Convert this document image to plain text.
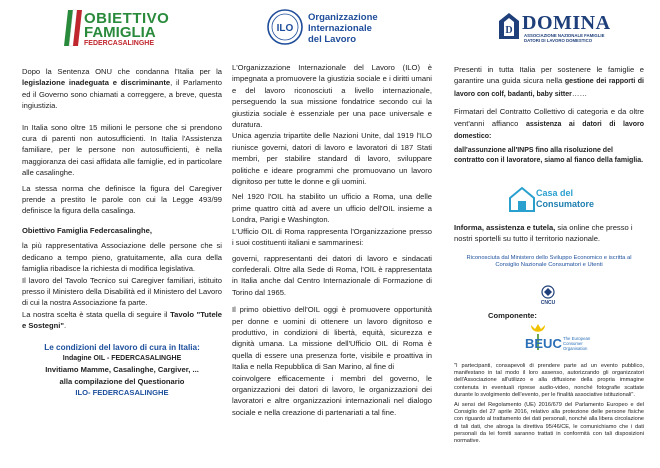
OBIETTIVO
FAMIGLIA
FEDERCASALINGHE
ILO
Organizzazione
Internazionale
del Lavoro
D DOMINA
ASSOCIAZIONE NAZIONALE FAMIGLIE
DATORI DI LAVORO DOMESTICO

Dopo la Sentenza ONU che condanna l'Italia per la legislazione inadeguata e discriminante, il Parlamento ed il Governo sono chiamati a correggere, a breve, questa ingiustizia.

In Italia sono oltre 15 milioni le persone che si prendono cura di parenti non autosufficienti. In Italia l'Assistenza familiare, per le persone non autosufficienti, è nella maggioranza dei casi affidata alle famiglie, ed in particolare alle casalinghe.

La stessa norma che definisce la figura del Caregiver prende a prestito le parole con cui la Legge 493/99 definisce la figura della casalinga.

Obiettivo Famiglia Federcasalinghe,

la più rappresentativa Associazione delle persone che si dedicano a tempo pieno, gratuitamente, alla cura della famiglia ribadisce la richiesta di modifica legislativa.

Il lavoro del Tavolo Tecnico sui Caregiver familiari, istituito presso il Ministero della Disabilità ed il Ministero del Lavoro di cui la nostra Associazione fa parte.

La nostra scelta è stata quella di seguire il Tavolo "Tutele e Sostegni".

Le condizioni del lavoro di cura in Italia:
Indagine OIL - FEDERCASALINGHE
Invitiamo Mamme, Casalinghe, Cargiver, ...
alla compilazione del Questionario
ILO- FEDERCASALINGHE

L'Organizzazione Internazionale del Lavoro (ILO) è impegnata a promuovere la giustizia sociale e i diritti umani e del lavoro riconosciuti a livello internazionale, perseguendo la sua missione fondatrice secondo cui la giustizia sociale è essenziale per una pace universale e duratura.

Unica agenzia tripartite delle Nazioni Unite, dal 1919 l'ILO riunisce governi, datori di lavoro e lavoratori di 187 Stati membri, per stabilire standard di lavoro, sviluppare politiche e ideare programmi che promuovano un lavoro dignitoso per tutte le donne e gli uomini.

Nel 1920 l'OIL ha stabilito un ufficio a Roma, una delle prime quattro città ad avere un ufficio dell'OIL insieme a Londra, Parigi e Washington.

L'Ufficio OIL di Roma rappresenta l'Organizzazione presso i suoi costituenti italiani e sammarinesi:

governi, rappresentanti dei datori di lavoro e sindacati confederali. Oltre alla Sede di Roma, l'OIL è rappresentata in Italia anche dal Centro Internazionale di Formazione di Torino dal 1965.

Il primo obiettivo dell'OIL oggi è promuovere opportunità per donne e uomini di ottenere un lavoro dignitoso e produttivo, in condizioni di libertà, equità, sicurezza e dignità umana. La missione dell'Ufficio OIL di Roma è quella di essere una presenza forte, visibile e proattiva in Italia e nella Repubblica di San Marino, al fine di

coinvolgere efficacemente i membri del governo, le organizzazioni dei datori di lavoro, le organizzazioni dei lavoratori e altre organizzazioni internazionali nel dialogo sociale e nella creazione di partenariati a tal fine.

Presenti in tutta Italia per sostenere le famiglie e garantire una guida sicura nella gestione dei rapporti di lavoro con colf, badanti, baby sitter……

Firmatari del Contratto Collettivo di categoria e da oltre vent'anni affianco assistenza ai datori di lavoro domestico:

dall'assunzione all'INPS fino alla risoluzione del contratto con il lavoratore, siamo al fianco della famiglia.

Casa del
Consumatore

Informa, assistenza e tutela, sia online che presso i nostri sportelli su tutto il territorio nazionale.

Riconosciuta dal Ministero dello Sviluppo Economico e iscritta al Consiglio Nazionale Consumatori e Utenti

CNCU

Componente:

BEUC The European
Consumer
Organisation

"I partecipanti, consapevoli di prendere parte ad un evento pubblico, manifestano in tal modo il loro assenso, autorizzando gli organizzatori dell'Associazione all'utilizzo e alla diffusione della propria immagine contenuta in eventuali riprese audio-video, nonché fotografie scattate durante lo svolgimento dell'evento, per le finalità associative istituzionali".

Ai sensi del Regolamento (UE) 2016/679 del Parlamento Europeo e del Consiglio del 27 aprile 2016, relativo alla protezione delle persone fisiche con riguardo al trattamento dei dati personali, nonché alla libera circolazione di tali dati, che abroga la direttiva 95/46/CE, le comunichiamo che i dati personali da lei forniti saranno trattati in conformità con tali disposizioni normative.
